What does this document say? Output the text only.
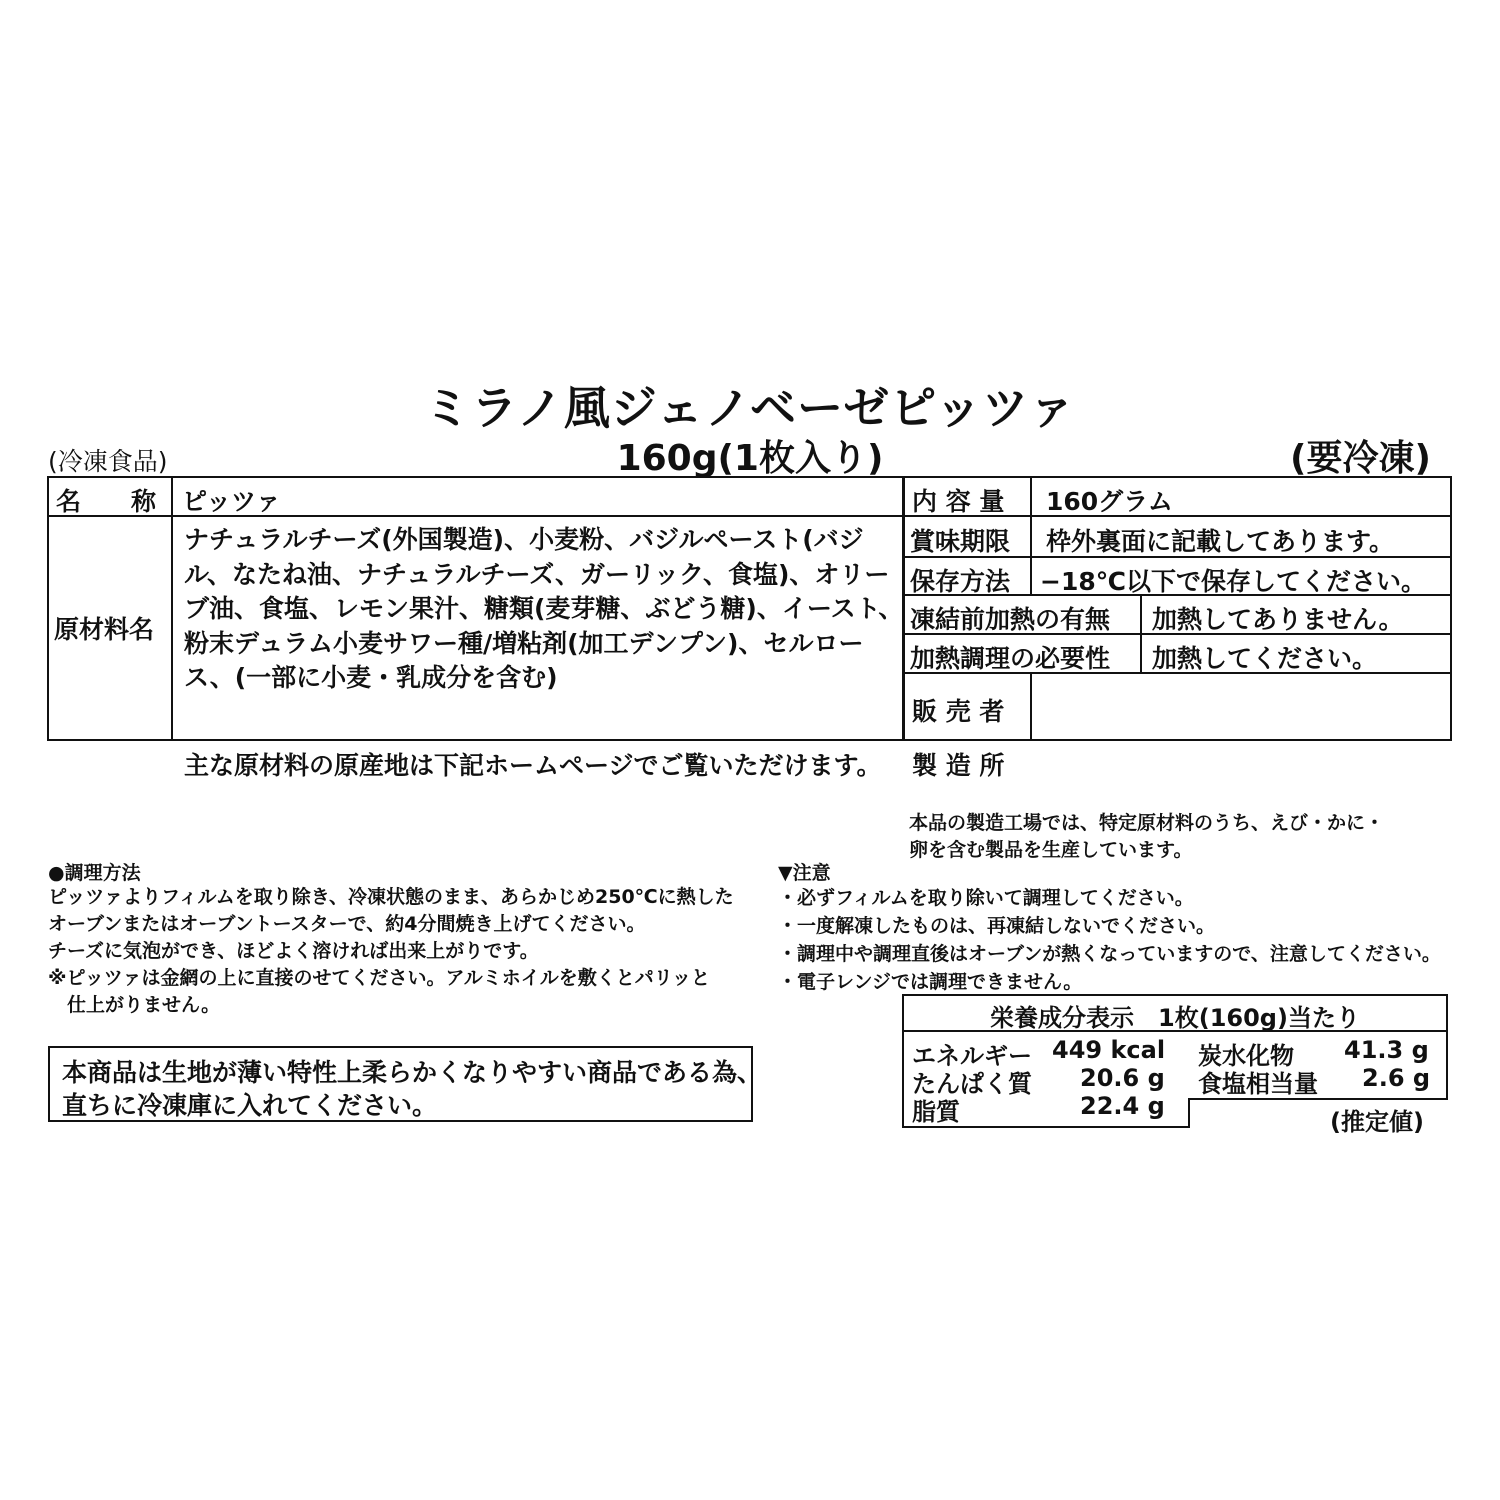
ミラノ風ジェノベーゼピッツァ
(冷凍食品)	160g(1枚入り)	(要冷凍)
名　　称	ピッツァ
原材料名
ナチュラルチーズ(外国製造)、小麦粉、バジルペースト(バジル、なたね油、ナチュラルチーズ、ガーリック、食塩)、オリーブ油、食塩、レモン果汁、糖類(麦芽糖、ぶどう糖)、イースト、粉末デュラム小麦サワー種/増粘剤(加工デンプン)、セルロース、(一部に小麦・乳成分を含む)
内 容 量 160グラム
賞味期限 枠外裏面に記載してあります。
保存方法 −18℃以下で保存してください。
凍結前加熱の有無 加熱してありません。
加熱調理の必要性 加熱してください。
販 売 者
製 造 所
主な原材料の原産地は下記ホームページでご覧いただけます。
本品の製造工場では、特定原材料のうち、えび・かに・
卵を含む製品を生産しています。
●調理方法
ピッツァよりフィルムを取り除き、冷凍状態のまま、あらかじめ250℃に熱した
オーブンまたはオーブントースターで、約4分間焼き上げてください。
チーズに気泡ができ、ほどよく溶ければ出来上がりです。
※ピッツァは金網の上に直接のせてください。アルミホイルを敷くとパリッと
　仕上がりません。
▼注意
・必ずフィルムを取り除いて調理してください。
・一度解凍したものは、再凍結しないでください。
・調理中や調理直後はオーブンが熱くなっていますので、注意してください。
・電子レンジでは調理できません。
本商品は生地が薄い特性上柔らかくなりやすい商品である為、
直ちに冷凍庫に入れてください。
栄養成分表示　1枚(160g)当たり
エネルギー 449 kcal
たんぱく質 20.6 g
脂質	22.4 g
炭水化物 41.3 g
食塩相当量 2.6 g
(推定値)
